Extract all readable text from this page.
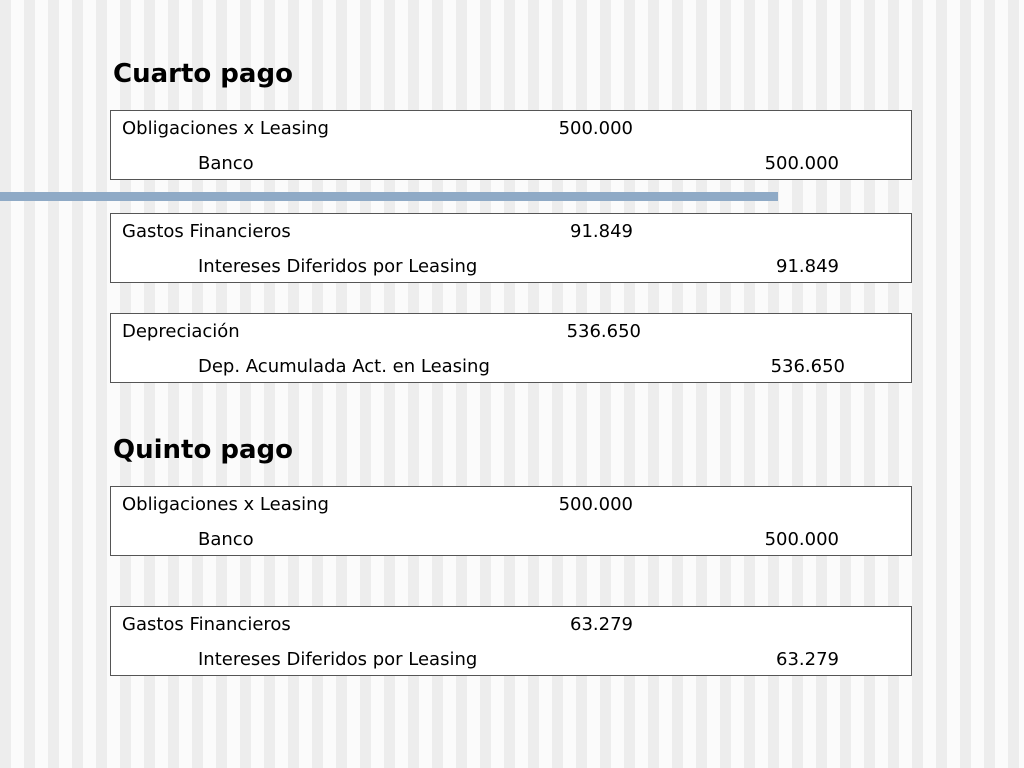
Cuarto pago
Obligaciones x Leasing	500.000
Banco	500.000
Gastos Financieros	91.849
Intereses Diferidos por Leasing	91.849
Depreciación	536.650
Dep. Acumulada Act. en Leasing	536.650
Quinto pago
Obligaciones x Leasing	500.000
Banco	500.000
Gastos Financieros	63.279
Intereses Diferidos por Leasing	63.279
